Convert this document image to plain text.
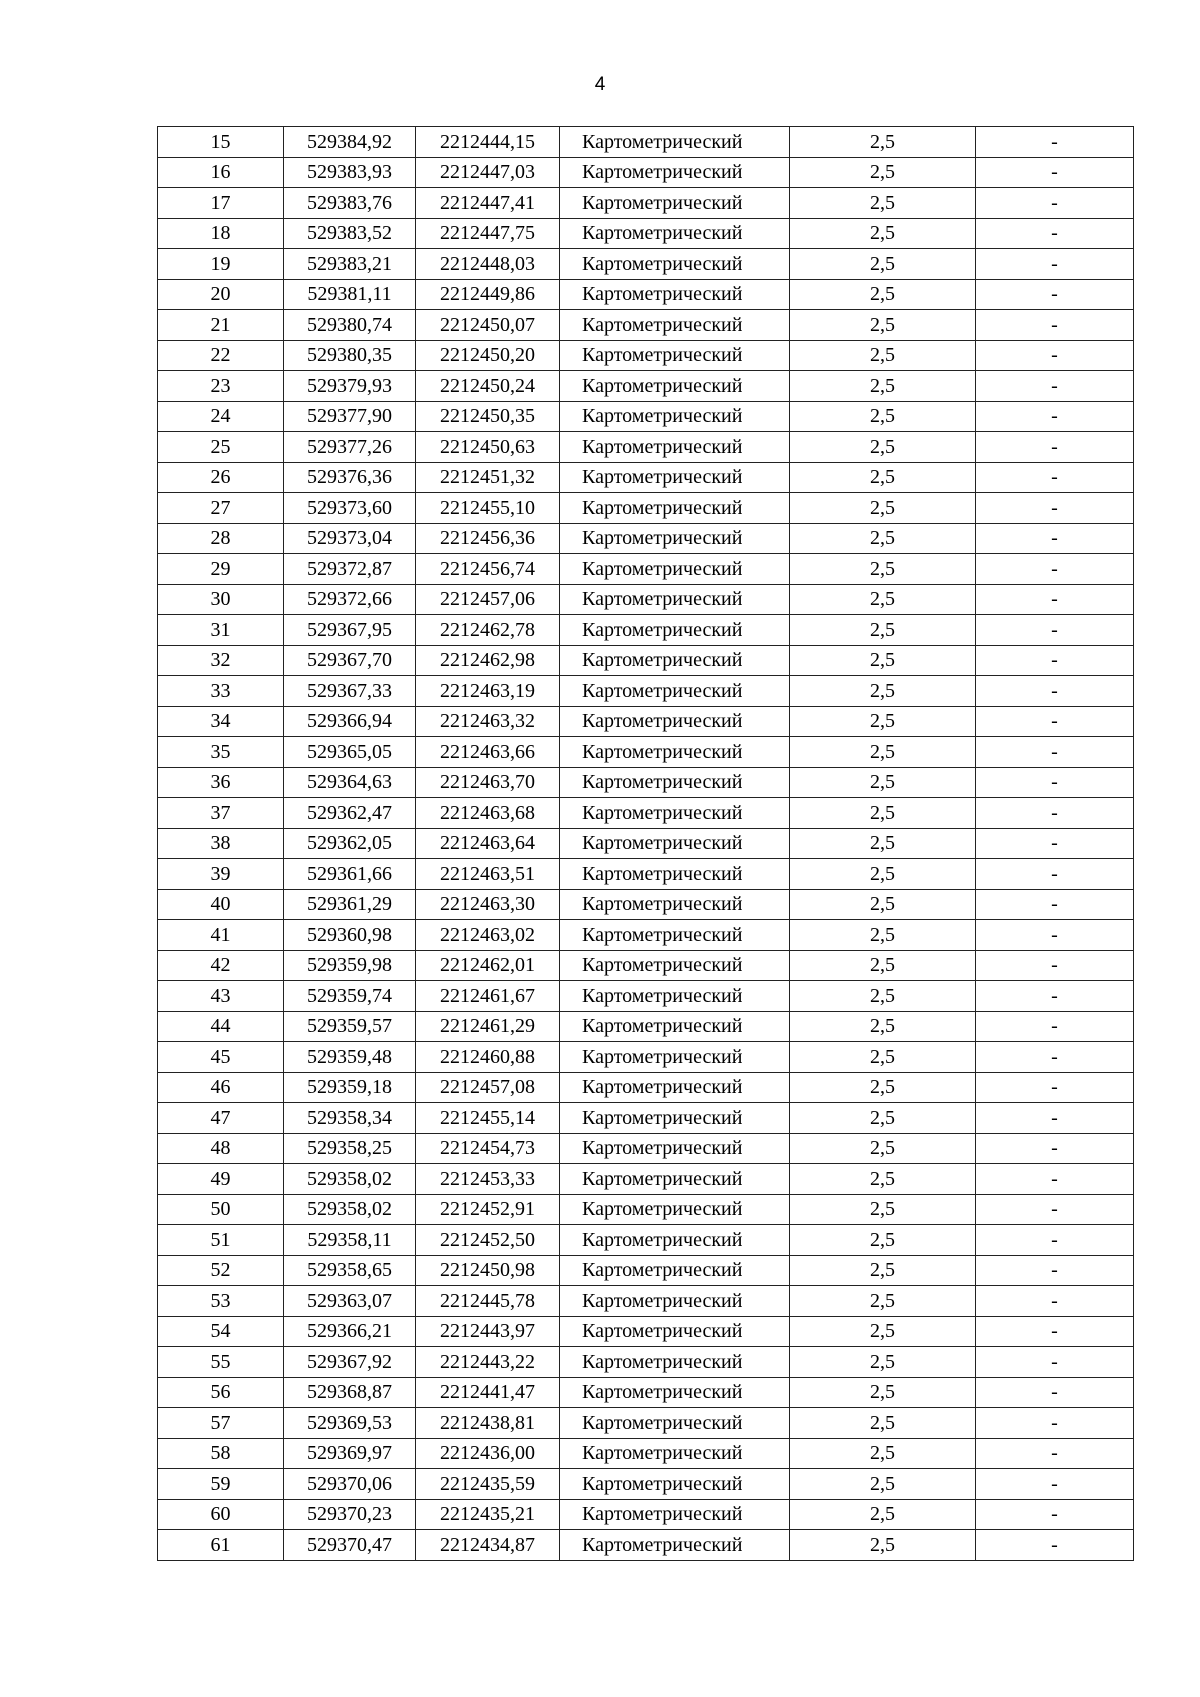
4
15	529384,92	2212444,15	Картометрический	2,5	-
16	529383,93	2212447,03	Картометрический	2,5	-
17	529383,76	2212447,41	Картометрический	2,5	-
18	529383,52	2212447,75	Картометрический	2,5	-
19	529383,21	2212448,03	Картометрический	2,5	-
20	529381,11	2212449,86	Картометрический	2,5	-
21	529380,74	2212450,07	Картометрический	2,5	-
22	529380,35	2212450,20	Картометрический	2,5	-
23	529379,93	2212450,24	Картометрический	2,5	-
24	529377,90	2212450,35	Картометрический	2,5	-
25	529377,26	2212450,63	Картометрический	2,5	-
26	529376,36	2212451,32	Картометрический	2,5	-
27	529373,60	2212455,10	Картометрический	2,5	-
28	529373,04	2212456,36	Картометрический	2,5	-
29	529372,87	2212456,74	Картометрический	2,5	-
30	529372,66	2212457,06	Картометрический	2,5	-
31	529367,95	2212462,78	Картометрический	2,5	-
32	529367,70	2212462,98	Картометрический	2,5	-
33	529367,33	2212463,19	Картометрический	2,5	-
34	529366,94	2212463,32	Картометрический	2,5	-
35	529365,05	2212463,66	Картометрический	2,5	-
36	529364,63	2212463,70	Картометрический	2,5	-
37	529362,47	2212463,68	Картометрический	2,5	-
38	529362,05	2212463,64	Картометрический	2,5	-
39	529361,66	2212463,51	Картометрический	2,5	-
40	529361,29	2212463,30	Картометрический	2,5	-
41	529360,98	2212463,02	Картометрический	2,5	-
42	529359,98	2212462,01	Картометрический	2,5	-
43	529359,74	2212461,67	Картометрический	2,5	-
44	529359,57	2212461,29	Картометрический	2,5	-
45	529359,48	2212460,88	Картометрический	2,5	-
46	529359,18	2212457,08	Картометрический	2,5	-
47	529358,34	2212455,14	Картометрический	2,5	-
48	529358,25	2212454,73	Картометрический	2,5	-
49	529358,02	2212453,33	Картометрический	2,5	-
50	529358,02	2212452,91	Картометрический	2,5	-
51	529358,11	2212452,50	Картометрический	2,5	-
52	529358,65	2212450,98	Картометрический	2,5	-
53	529363,07	2212445,78	Картометрический	2,5	-
54	529366,21	2212443,97	Картометрический	2,5	-
55	529367,92	2212443,22	Картометрический	2,5	-
56	529368,87	2212441,47	Картометрический	2,5	-
57	529369,53	2212438,81	Картометрический	2,5	-
58	529369,97	2212436,00	Картометрический	2,5	-
59	529370,06	2212435,59	Картометрический	2,5	-
60	529370,23	2212435,21	Картометрический	2,5	-
61	529370,47	2212434,87	Картометрический	2,5	-
